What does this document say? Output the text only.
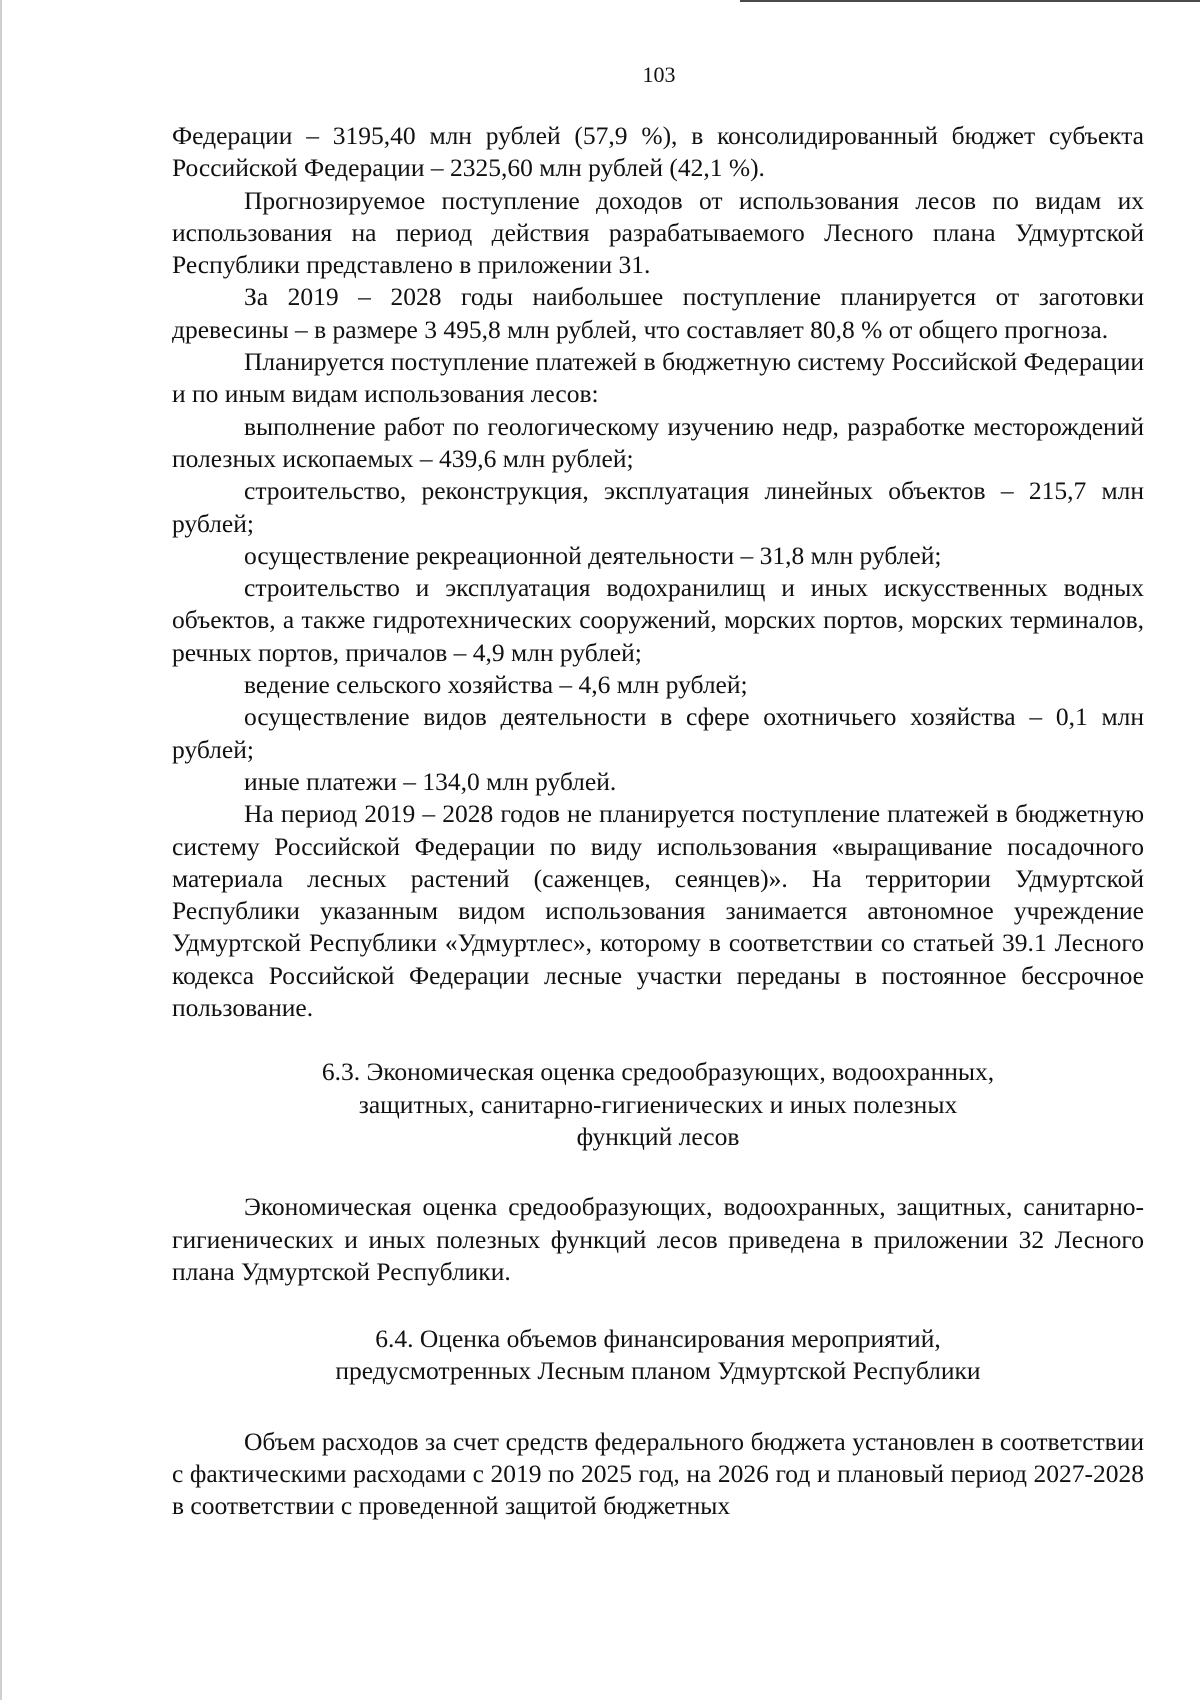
103

Федерации – 3195,40 млн рублей (57,9 %), в консолидированный бюджет субъекта Российской Федерации – 2325,60 млн рублей (42,1 %).

Прогнозируемое поступление доходов от использования лесов по видам их использования на период действия разрабатываемого Лесного плана Удмуртской Республики представлено в приложении 31.

За 2019 – 2028 годы наибольшее поступление планируется от заготовки древесины – в размере 3 495,8 млн рублей, что составляет 80,8 % от общего прогноза.

Планируется поступление платежей в бюджетную систему Российской Федерации и по иным видам использования лесов:

выполнение работ по геологическому изучению недр, разработке месторождений полезных ископаемых – 439,6 млн рублей;

строительство, реконструкция, эксплуатация линейных объектов – 215,7 млн рублей;

осуществление рекреационной деятельности – 31,8 млн рублей;

строительство и эксплуатация водохранилищ и иных искусственных водных объектов, а также гидротехнических сооружений, морских портов, морских терминалов, речных портов, причалов – 4,9 млн рублей;

ведение сельского хозяйства – 4,6 млн рублей;

осуществление видов деятельности в сфере охотничьего хозяйства – 0,1 млн рублей;

иные платежи – 134,0 млн рублей.

На период 2019 – 2028 годов не планируется поступление платежей в бюджетную систему Российской Федерации по виду использования «выращивание посадочного материала лесных растений (саженцев, сеянцев)». На территории Удмуртской Республики указанным видом использования занимается автономное учреждение Удмуртской Республики «Удмуртлес», которому в соответствии со статьей 39.1 Лесного кодекса Российской Федерации лесные участки переданы в постоянное бессрочное пользование.

6.3. Экономическая оценка средообразующих, водоохранных,
защитных, санитарно-гигиенических и иных полезных
функций лесов

Экономическая оценка средообразующих, водоохранных, защитных, санитарно-гигиенических и иных полезных функций лесов приведена в приложении 32 Лесного плана Удмуртской Республики.

6.4. Оценка объемов финансирования мероприятий,
предусмотренных Лесным планом Удмуртской Республики

Объем расходов за счет средств федерального бюджета установлен в соответствии с фактическими расходами с 2019 по 2025 год, на 2026 год и плановый период 2027-2028 в соответствии с проведенной защитой бюджетных
